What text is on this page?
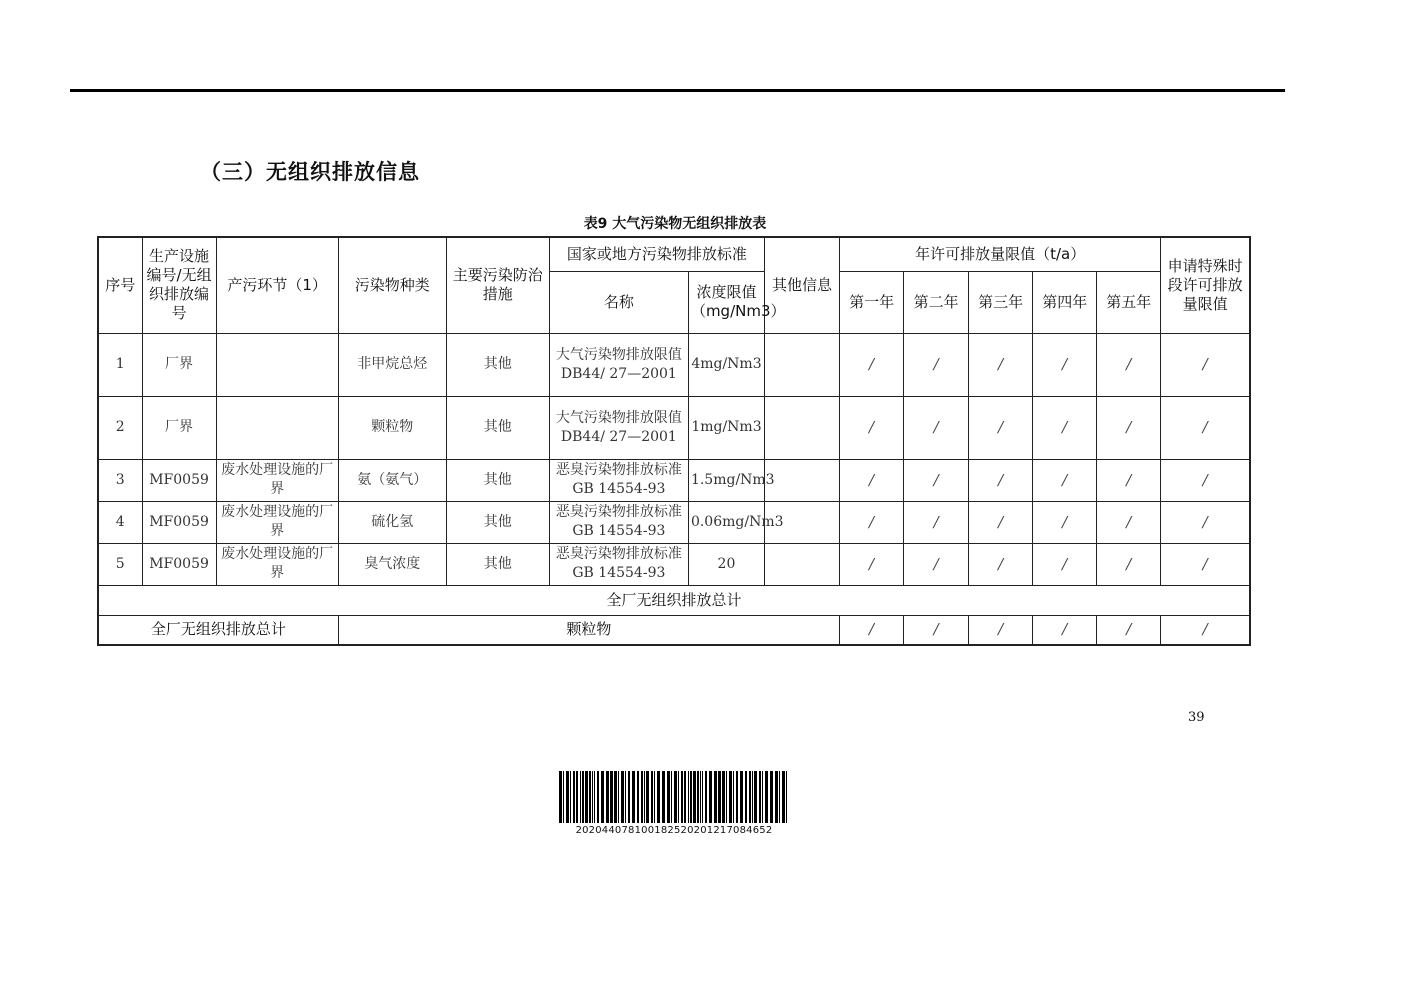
（三）无组织排放信息
表9 大气污染物无组织排放表
序号	生产设施编号/无组织排放编号	产污环节（1）	污染物种类	主要污染防治措施	国家或地方污染物排放标准		其他信息	年许可排放量限值（t/a）					申请特殊时段许可排放量限值
					名称	浓度限值（mg/Nm3）		第一年	第二年	第三年	第四年	第五年	
1	厂界		非甲烷总烃	其他	大气污染物排放限值DB44/ 27—2001	4mg/Nm3		/	/	/	/	/	/
2	厂界		颗粒物	其他	大气污染物排放限值DB44/ 27—2001	1mg/Nm3		/	/	/	/	/	/
3	MF0059	废水处理设施的厂界	氨（氨气）	其他	恶臭污染物排放标准GB 14554-93	1.5mg/Nm3		/	/	/	/	/	/
4	MF0059	废水处理设施的厂界	硫化氢	其他	恶臭污染物排放标准GB 14554-93	0.06mg/Nm3		/	/	/	/	/	/
5	MF0059	废水处理设施的厂界	臭气浓度	其他	恶臭污染物排放标准GB 14554-93	20		/	/	/	/	/	/
全厂无组织排放总计													
全厂无组织排放总计			颗粒物					/	/	/	/	/	/
39
20204407810018252020121708465​2
